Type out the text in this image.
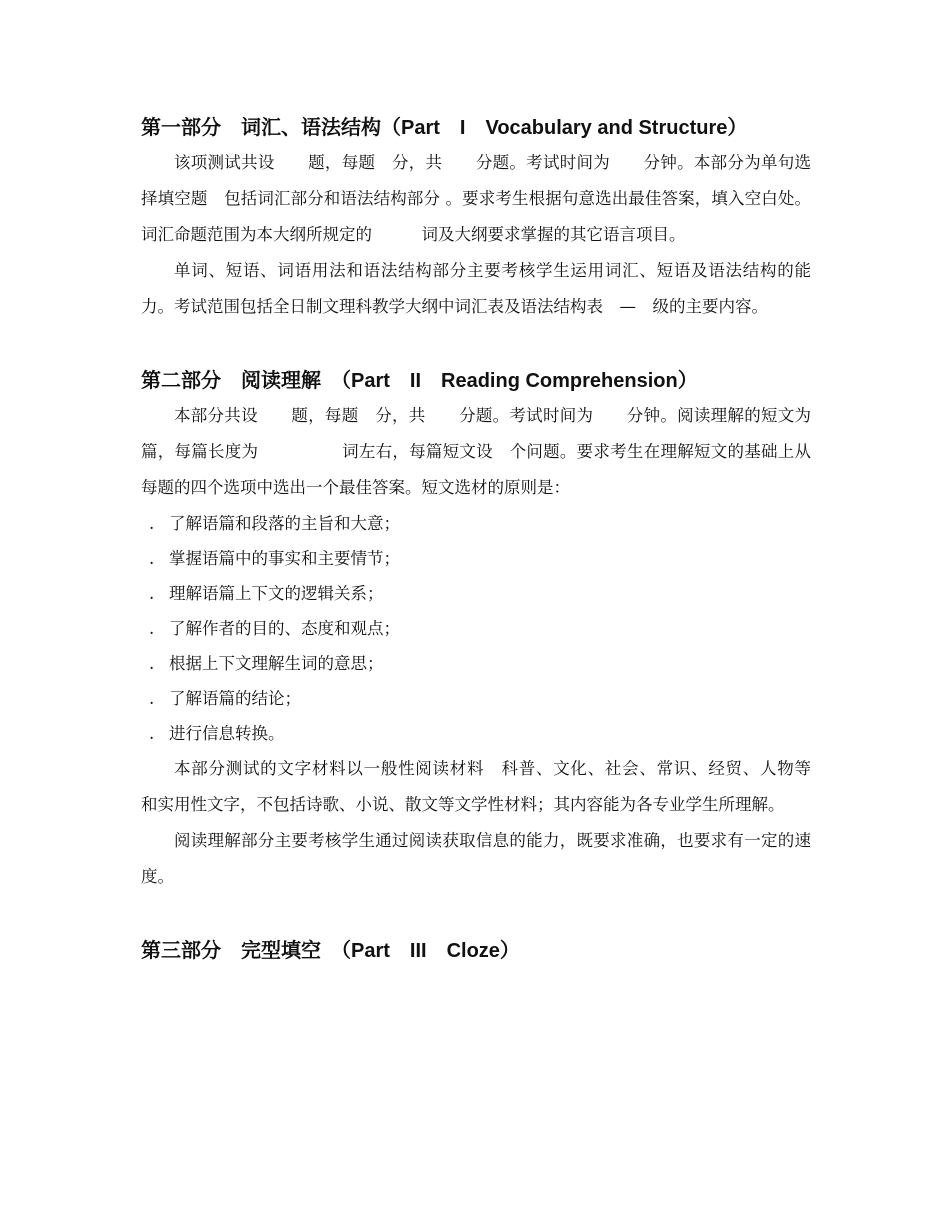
第一部分　词汇、语法结构（Part　I　Vocabulary and Structure）

该项测试共设　　题，每题　分，共　　分题。考试时间为　　分钟。本部分为单句选择填空题　包括词汇部分和语法结构部分 。要求考生根据句意选出最佳答案，填入空白处。词汇命题范围为本大纲所规定的　　　词及大纲要求掌握的其它语言项目。

单词、短语、词语用法和语法结构部分主要考核学生运用词汇、短语及语法结构的能力。考试范围包括全日制文理科教学大纲中词汇表及语法结构表　—　级的主要内容。

第二部分　阅读理解　（Part　II　Reading Comprehension）

本部分共设　　题，每题　分，共　　分题。考试时间为　　分钟。阅读理解的短文为　篇，每篇长度为　　　　　词左右，每篇短文设　个问题。要求考生在理解短文的基础上从每题的四个选项中选出一个最佳答案。短文选材的原则是：

. 了解语篇和段落的主旨和大意；
. 掌握语篇中的事实和主要情节；
. 理解语篇上下文的逻辑关系；
. 了解作者的目的、态度和观点；
. 根据上下文理解生词的意思；
. 了解语篇的结论；
. 进行信息转换。

本部分测试的文字材料以一般性阅读材料　科普、文化、社会、常识、经贸、人物等　和实用性文字，不包括诗歌、小说、散文等文学性材料；其内容能为各专业学生所理解。

阅读理解部分主要考核学生通过阅读获取信息的能力，既要求准确，也要求有一定的速度。

第三部分　完型填空　（Part　III　Cloze）
